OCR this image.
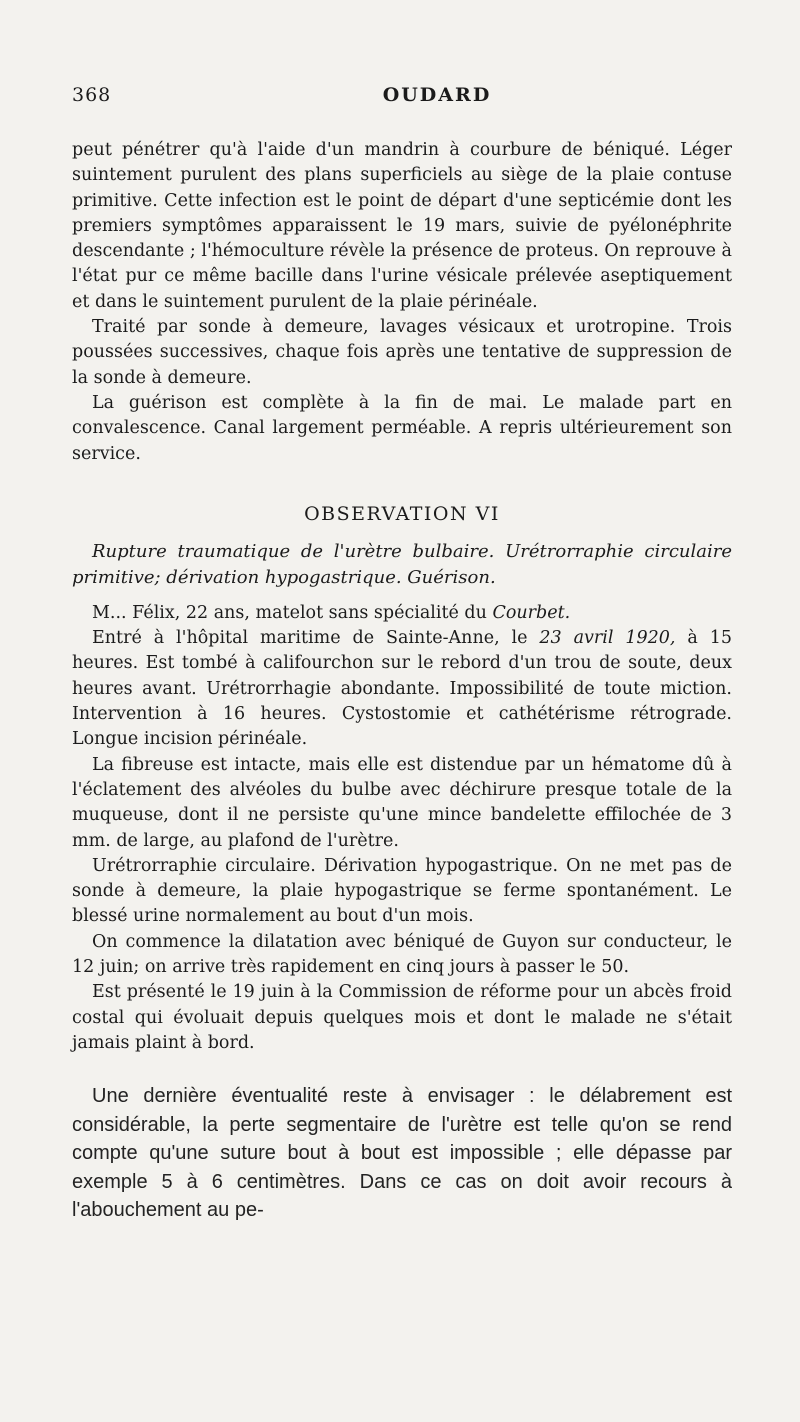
368	OUDARD

peut pénétrer qu'à l'aide d'un mandrin à courbure de béniqué. Léger suintement purulent des plans superficiels au siège de la plaie contuse primitive. Cette infection est le point de départ d'une septicémie dont les premiers symptômes apparaissent le 19 mars, suivie de pyélonéphrite descendante ; l'hémoculture révèle la présence de proteus. On reprouve à l'état pur ce même bacille dans l'urine vésicale prélevée aseptiquement et dans le suintement purulent de la plaie périnéale.

Traité par sonde à demeure, lavages vésicaux et urotropine. Trois poussées successives, chaque fois après une tentative de suppression de la sonde à demeure.

La guérison est complète à la fin de mai. Le malade part en convalescence. Canal largement perméable. A repris ultérieurement son service.

OBSERVATION VI

Rupture traumatique de l'urètre bulbaire. Urétrorraphie circulaire primitive; dérivation hypogastrique. Guérison.

M... Félix, 22 ans, matelot sans spécialité du Courbet.

Entré à l'hôpital maritime de Sainte-Anne, le 23 avril 1920, à 15 heures. Est tombé à califourchon sur le rebord d'un trou de soute, deux heures avant. Urétrorrhagie abondante. Impossibilité de toute miction. Intervention à 16 heures. Cystostomie et cathétérisme rétrograde. Longue incision périnéale.

La fibreuse est intacte, mais elle est distendue par un hématome dû à l'éclatement des alvéoles du bulbe avec déchirure presque totale de la muqueuse, dont il ne persiste qu'une mince bandelette effilochée de 3 mm. de large, au plafond de l'urètre.

Urétrorraphie circulaire. Dérivation hypogastrique. On ne met pas de sonde à demeure, la plaie hypogastrique se ferme spontanément. Le blessé urine normalement au bout d'un mois.

On commence la dilatation avec béniqué de Guyon sur conducteur, le 12 juin; on arrive très rapidement en cinq jours à passer le 50.

Est présenté le 19 juin à la Commission de réforme pour un abcès froid costal qui évoluait depuis quelques mois et dont le malade ne s'était jamais plaint à bord.

Une dernière éventualité reste à envisager : le délabrement est considérable, la perte segmentaire de l'urètre est telle qu'on se rend compte qu'une suture bout à bout est impossible ; elle dépasse par exemple 5 à 6 centimètres. Dans ce cas on doit avoir recours à l'abouchement au pe-
